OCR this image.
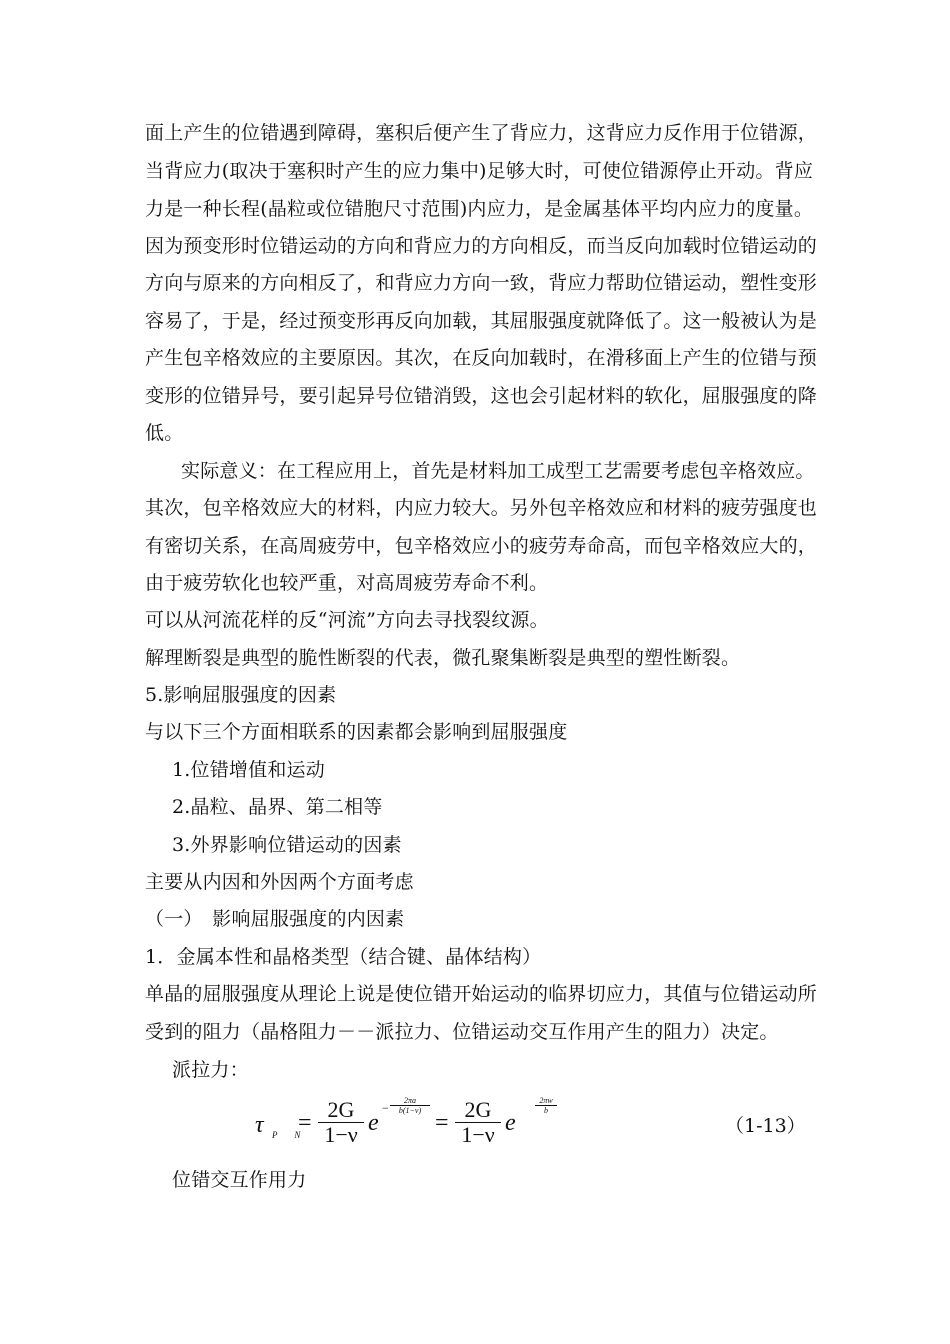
面上产生的位错遇到障碍，塞积后便产生了背应力，这背应力反作用于位错源，
当背应力(取决于塞积时产生的应力集中)足够大时，可使位错源停止开动。背应
力是一种长程(晶粒或位错胞尺寸范围)内应力，是金属基体平均内应力的度量。
因为预变形时位错运动的方向和背应力的方向相反，而当反向加载时位错运动的
方向与原来的方向相反了，和背应力方向一致，背应力帮助位错运动，塑性变形
容易了，于是，经过预变形再反向加载，其屈服强度就降低了。这一般被认为是
产生包辛格效应的主要原因。其次，在反向加载时，在滑移面上产生的位错与预
变形的位错异号，要引起异号位错消毁，这也会引起材料的软化，屈服强度的降
低。
实际意义：在工程应用上，首先是材料加工成型工艺需要考虑包辛格效应。
其次，包辛格效应大的材料，内应力较大。另外包辛格效应和材料的疲劳强度也
有密切关系，在高周疲劳中，包辛格效应小的疲劳寿命高，而包辛格效应大的，
由于疲劳软化也较严重，对高周疲劳寿命不利。
可以从河流花样的反“河流”方向去寻找裂纹源。
解理断裂是典型的脆性断裂的代表，微孔聚集断裂是典型的塑性断裂。
5.影响屈服强度的因素
与以下三个方面相联系的因素都会影响到屈服强度
1.位错增值和运动
2.晶粒、晶界、第二相等
3.外界影响位错运动的因素
主要从内因和外因两个方面考虑
（一）　影响屈服强度的内因素
1．金属本性和晶格类型（结合键、晶体结构）
单晶的屈服强度从理论上说是使位错开始运动的临界切应力，其值与位错运动所
受到的阻力（晶格阻力－－派拉力、位错运动交互作用产生的阻力）决定。
派拉力：
τ P　N
=
2G
1−ν e
−
2πa
b(1−ν) =
2G
1−ν e
2πw
b
（1-13）
位错交互作用力
